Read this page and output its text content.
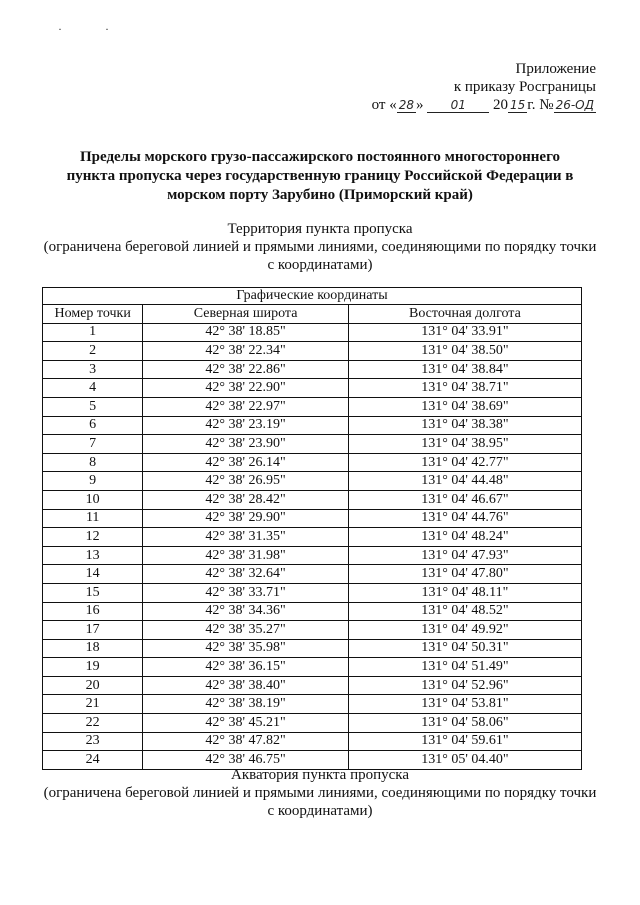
· ·
Приложение
к приказу Росграницы
от « 28 » 01 20 15 г. № 26-ОД
Пределы морского грузо-пассажирского постоянного многостороннего пункта пропуска через государственную границу Российской Федерации в морском порту Зарубино (Приморский край)
Территория пункта пропуска
(ограничена береговой линией и прямыми линиями, соединяющими по порядку точки с координатами)
Графические координаты		
Номер точки	Северная широта	Восточная долгота
1	42° 38' 18.85"	131° 04' 33.91"
2	42° 38' 22.34"	131° 04' 38.50"
3	42° 38' 22.86"	131° 04' 38.84"
4	42° 38' 22.90"	131° 04' 38.71"
5	42° 38' 22.97"	131° 04' 38.69"
6	42° 38' 23.19"	131° 04' 38.38"
7	42° 38' 23.90"	131° 04' 38.95"
8	42° 38' 26.14"	131° 04' 42.77"
9	42° 38' 26.95"	131° 04' 44.48"
10	42° 38' 28.42"	131° 04' 46.67"
11	42° 38' 29.90"	131° 04' 44.76"
12	42° 38' 31.35"	131° 04' 48.24"
13	42° 38' 31.98"	131° 04' 47.93"
14	42° 38' 32.64"	131° 04' 47.80"
15	42° 38' 33.71"	131° 04' 48.11"
16	42° 38' 34.36"	131° 04' 48.52"
17	42° 38' 35.27"	131° 04' 49.92"
18	42° 38' 35.98"	131° 04' 50.31"
19	42° 38' 36.15"	131° 04' 51.49"
20	42° 38' 38.40"	131° 04' 52.96"
21	42° 38' 38.19"	131° 04' 53.81"
22	42° 38' 45.21"	131° 04' 58.06"
23	42° 38' 47.82"	131° 04' 59.61"
24	42° 38' 46.75"	131° 05' 04.40"
Акватория пункта пропуска
(ограничена береговой линией и прямыми линиями, соединяющими по порядку точки с координатами)
